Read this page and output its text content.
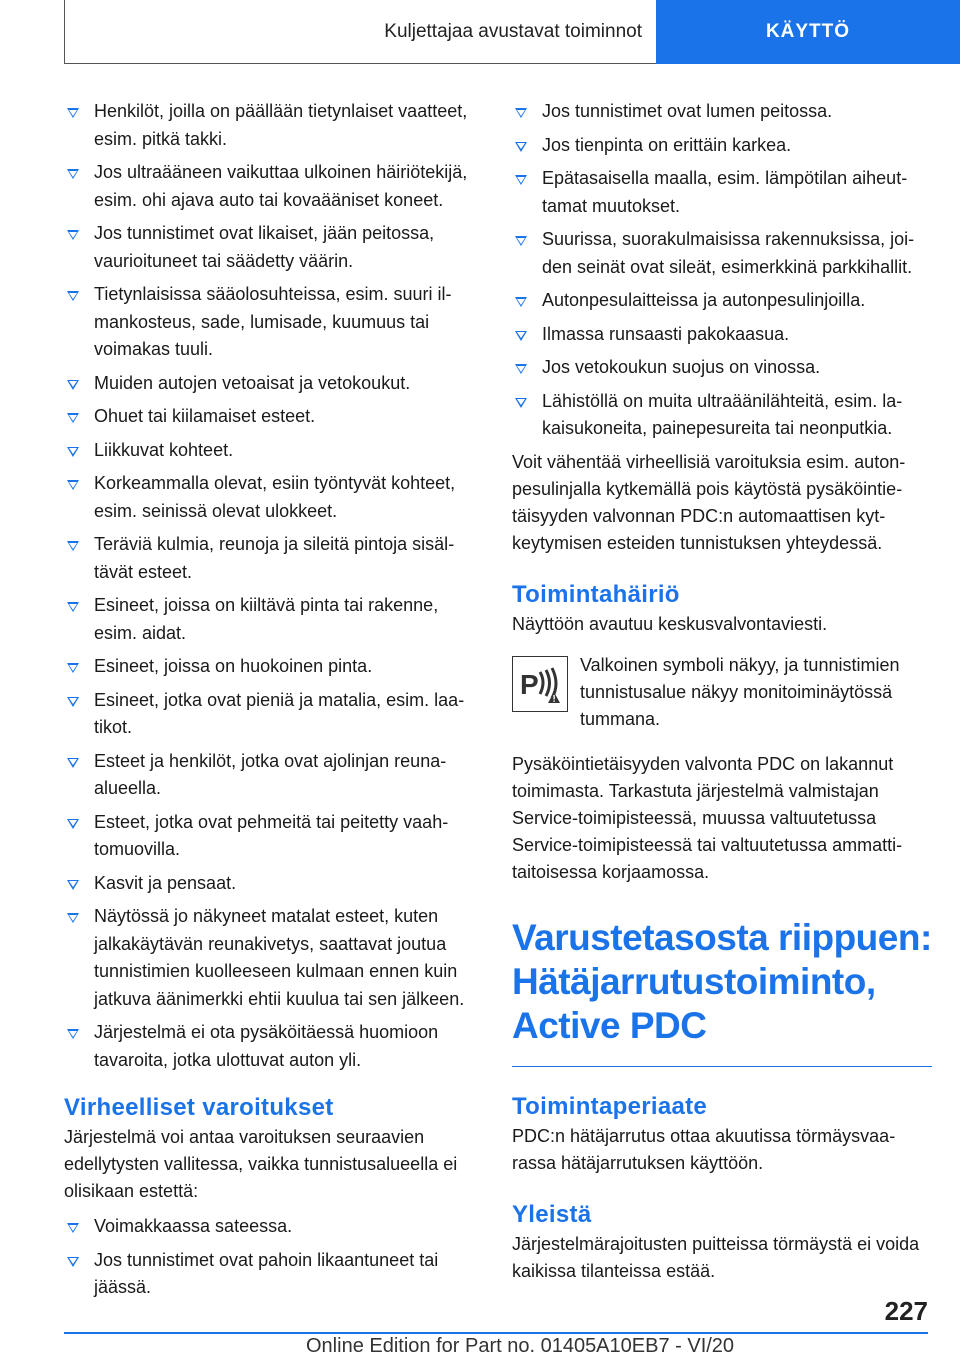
Kuljettajaa avustavat toiminnot	KÄYTTÖ
Henkilöt, joilla on päällään tietynlaiset vaatteet, esim. pitkä takki.
Jos ultraääneen vaikuttaa ulkoinen häiriötekijä, esim. ohi ajava auto tai kovaääniset koneet.
Jos tunnistimet ovat likaiset, jään peitossa, vaurioituneet tai säädetty väärin.
Tietynlaisissa sääolosuhteissa, esim. suuri ilmankosteus, sade, lumisade, kuumuus tai voimakas tuuli.
Muiden autojen vetoaisat ja vetokoukut.
Ohuet tai kiilamaiset esteet.
Liikkuvat kohteet.
Korkeammalla olevat, esiin työntyvät kohteet, esim. seinissä olevat ulokkeet.
Teräviä kulmia, reunoja ja sileitä pintoja sisältävät esteet.
Esineet, joissa on kiiltävä pinta tai rakenne, esim. aidat.
Esineet, joissa on huokoinen pinta.
Esineet, jotka ovat pieniä ja matalia, esim. laatikot.
Esteet ja henkilöt, jotka ovat ajolinjan reunaalueella.
Esteet, jotka ovat pehmeitä tai peitetty vaahtomuovilla.
Kasvit ja pensaat.
Näytössä jo näkyneet matalat esteet, kuten jalkakäytävän reunakivetys, saattavat joutua tunnistimien kuolleeseen kulmaan ennen kuin jatkuva äänimerkki ehtii kuulua tai sen jälkeen.
Järjestelmä ei ota pysäköitäessä huomioon tavaroita, jotka ulottuvat auton yli.
Virheelliset varoitukset

Järjestelmä voi antaa varoituksen seuraavien edellytysten vallitessa, vaikka tunnistusalueella ei olisikaan estettä:

Voimakkaassa sateessa.
Jos tunnistimet ovat pahoin likaantuneet tai jäässä.
Jos tunnistimet ovat lumen peitossa.
Jos tienpinta on erittäin karkea.
Epätasaisella maalla, esim. lämpötilan aiheuttamat muutokset.
Suurissa, suorakulmaisissa rakennuksissa, joiden seinät ovat sileät, esimerkkinä parkkihallit.
Autonpesulaitteissa ja autonpesulinjoilla.
Ilmassa runsaasti pakokaasua.
Jos vetokoukun suojus on vinossa.
Lähistöllä on muita ultraäänilähteitä, esim. lakaisukoneita, painepesureita tai neonputkia.

Voit vähentää virheellisiä varoituksia esim. autonpesulinjalla kytkemällä pois käytöstä pysäköintietäisyyden valvonnan PDC:n automaattisen kytkeytymisen esteiden tunnistuksen yhteydessä.

Toimintahäiriö

Näyttöön avautuu keskusvalvontaviesti.

P

Valkoinen symboli näkyy, ja tunnistimien tunnistusalue näkyy monitoiminäytössä tummana.

Pysäköintietäisyyden valvonta PDC on lakannut toimimasta. Tarkastuta järjestelmä valmistajan Service-toimipisteessä, muussa valtuutetussa Service-toimipisteessä tai valtuutetussa ammattitaitoisessa korjaamossa.

Varustetasosta riippuen:
Hätäjarrutustoiminto,
Active PDC
Toimintaperiaate

PDC:n hätäjarrutus ottaa akuutissa törmäysvaarassa hätäjarrutuksen käyttöön.

Yleistä

Järjestelmärajoitusten puitteissa törmäystä ei voida kaikissa tilanteissa estää.

227
Online Edition for Part no. 01405A10EB7 - VI/20
